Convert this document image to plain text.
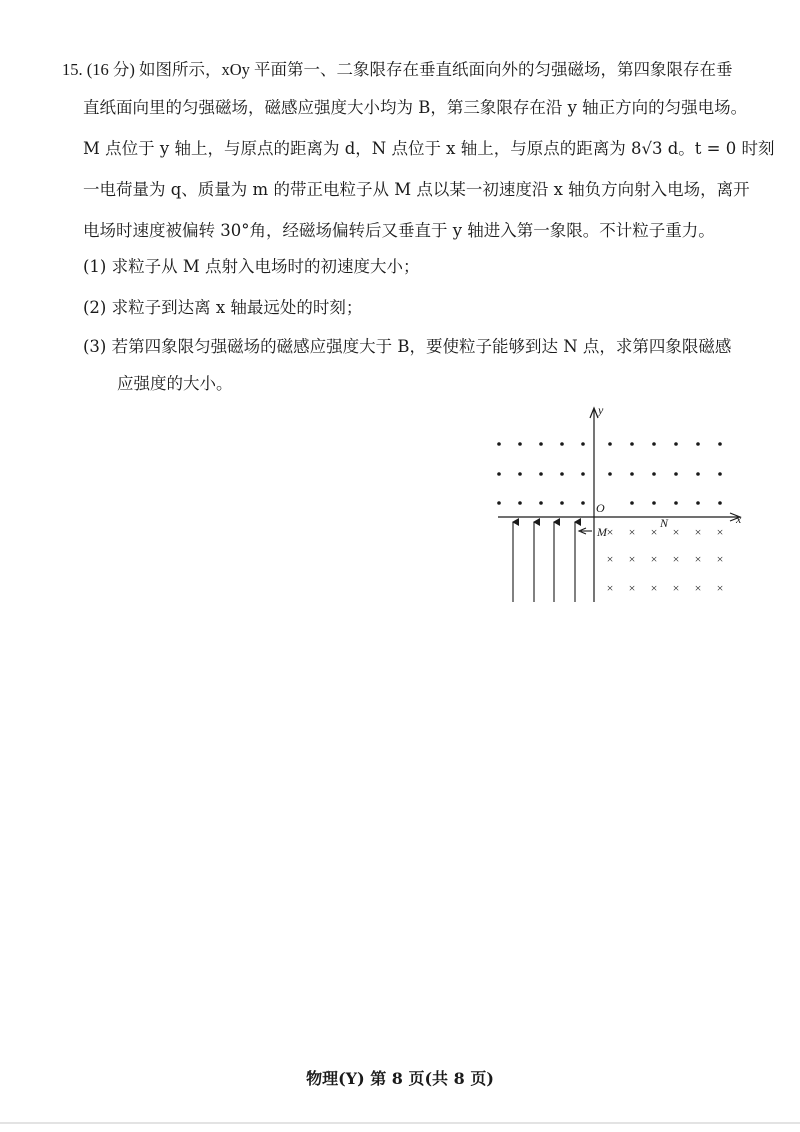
15. (16 分) 如图所示，xOy 平面第一、二象限存在垂直纸面向外的匀强磁场，第四象限存在垂
直纸面向里的匀强磁场，磁感应强度大小均为 B，第三象限存在沿 y 轴正方向的匀强电场。
M 点位于 y 轴上，与原点的距离为 d，N 点位于 x 轴上，与原点的距离为 8√3 d。t = 0 时刻
一电荷量为 q、质量为 m 的带正电粒子从 M 点以某一初速度沿 x 轴负方向射入电场，离开
电场时速度被偏转 30°角，经磁场偏转后又垂直于 y 轴进入第一象限。不计粒子重力。
(1) 求粒子从 M 点射入电场时的初速度大小；
(2) 求粒子到达离 x 轴最远处的时刻；
(3) 若第四象限匀强磁场的磁感应强度大于 B，要使粒子能够到达 N 点，求第四象限磁感
应强度的大小。
y
x
O
M × × × × × ×
× × × × × ×
× × × × × ×
N
物理(Y) 第 8 页(共 8 页)
